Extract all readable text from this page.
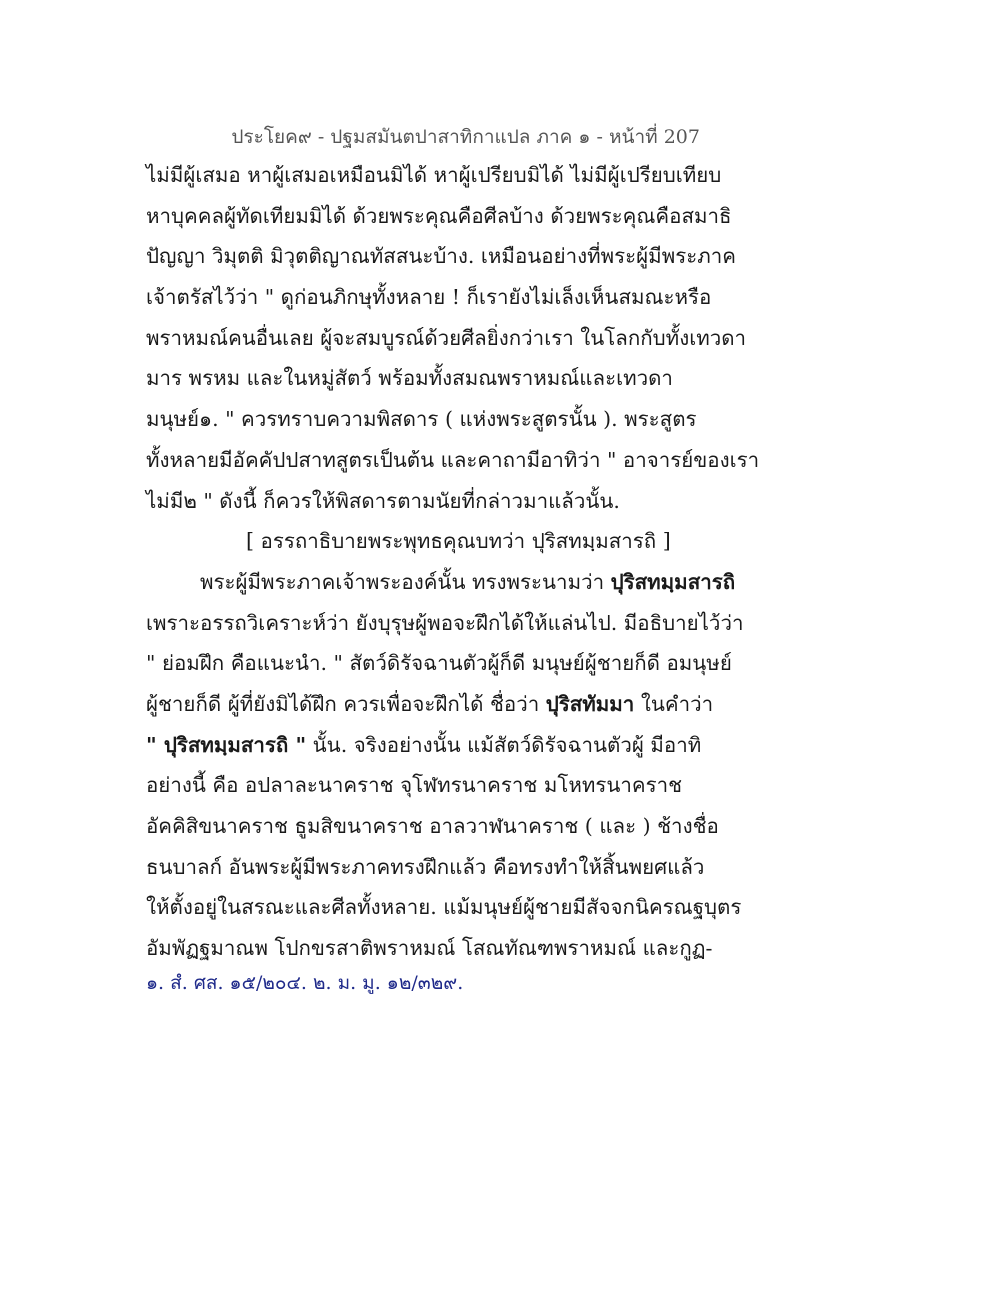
ประโยค๙ - ปฐมสมันตปาสาทิกาแปล ภาค ๑ - หน้าที่ 207
ไม่มีผู้เสมอ หาผู้เสมอเหมือนมิได้ หาผู้เปรียบมิได้ ไม่มีผู้เปรียบเทียบ
หาบุคคลผู้ทัดเทียมมิได้ ด้วยพระคุณคือศีลบ้าง ด้วยพระคุณคือสมาธิ
ปัญญา วิมุตติ มิวุตติญาณทัสสนะบ้าง. เหมือนอย่างที่พระผู้มีพระภาค
เจ้าตรัสไว้ว่า " ดูก่อนภิกษุทั้งหลาย ! ก็เรายังไม่เล็งเห็นสมณะหรือ
พราหมณ์คนอื่นเลย ผู้จะสมบูรณ์ด้วยศีลยิ่งกว่าเรา ในโลกกับทั้งเทวดา
มาร พรหม และในหมู่สัตว์ พร้อมทั้งสมณพราหมณ์และเทวดา
มนุษย์๑. " ควรทราบความพิสดาร ( แห่งพระสูตรนั้น ). พระสูตร
ทั้งหลายมีอัคคัปปสาทสูตรเป็นต้น และคาถามีอาทิว่า " อาจารย์ของเรา
ไม่มี๒ " ดังนี้ ก็ควรให้พิสดารตามนัยที่กล่าวมาแล้วนั้น.
[ อรรถาธิบายพระพุทธคุณบทว่า ปุริสทมฺมสารถิ ]
พระผู้มีพระภาคเจ้าพระองค์นั้น ทรงพระนามว่า ปุริสทมฺมสารถิ
เพราะอรรถวิเคราะห์ว่า ยังบุรุษผู้พอจะฝึกได้ให้แล่นไป. มีอธิบายไว้ว่า
" ย่อมฝึก คือแนะนำ. " สัตว์ดิรัจฉานตัวผู้ก็ดี มนุษย์ผู้ชายก็ดี อมนุษย์
ผู้ชายก็ดี ผู้ที่ยังมิได้ฝึก ควรเพื่อจะฝึกได้ ชื่อว่า ปุริสทัมมา ในคำว่า
" ปุริสทมฺมสารถิ " นั้น. จริงอย่างนั้น แม้สัตว์ดิรัจฉานตัวผู้ มีอาทิ
อย่างนี้ คือ อปลาละนาคราช จุโฬทรนาคราช มโหทรนาคราช
อัคคิสิขนาคราช ธูมสิขนาคราช อาลวาฬนาคราช ( และ ) ช้างชื่อ
ธนบาลก์ อันพระผู้มีพระภาคทรงฝึกแล้ว คือทรงทำให้สิ้นพยศแล้ว
ให้ตั้งอยู่ในสรณะและศีลทั้งหลาย. แม้มนุษย์ผู้ชายมีสัจจกนิครณฐบุตร
อัมพัฏฐมาณพ โปกขรสาติพราหมณ์ โสณทัณฑพราหมณ์ และกูฏ-
๑. สํ. ศส. ๑๕/๒๐๔. ๒. ม. มู. ๑๒/๓๒๙.
